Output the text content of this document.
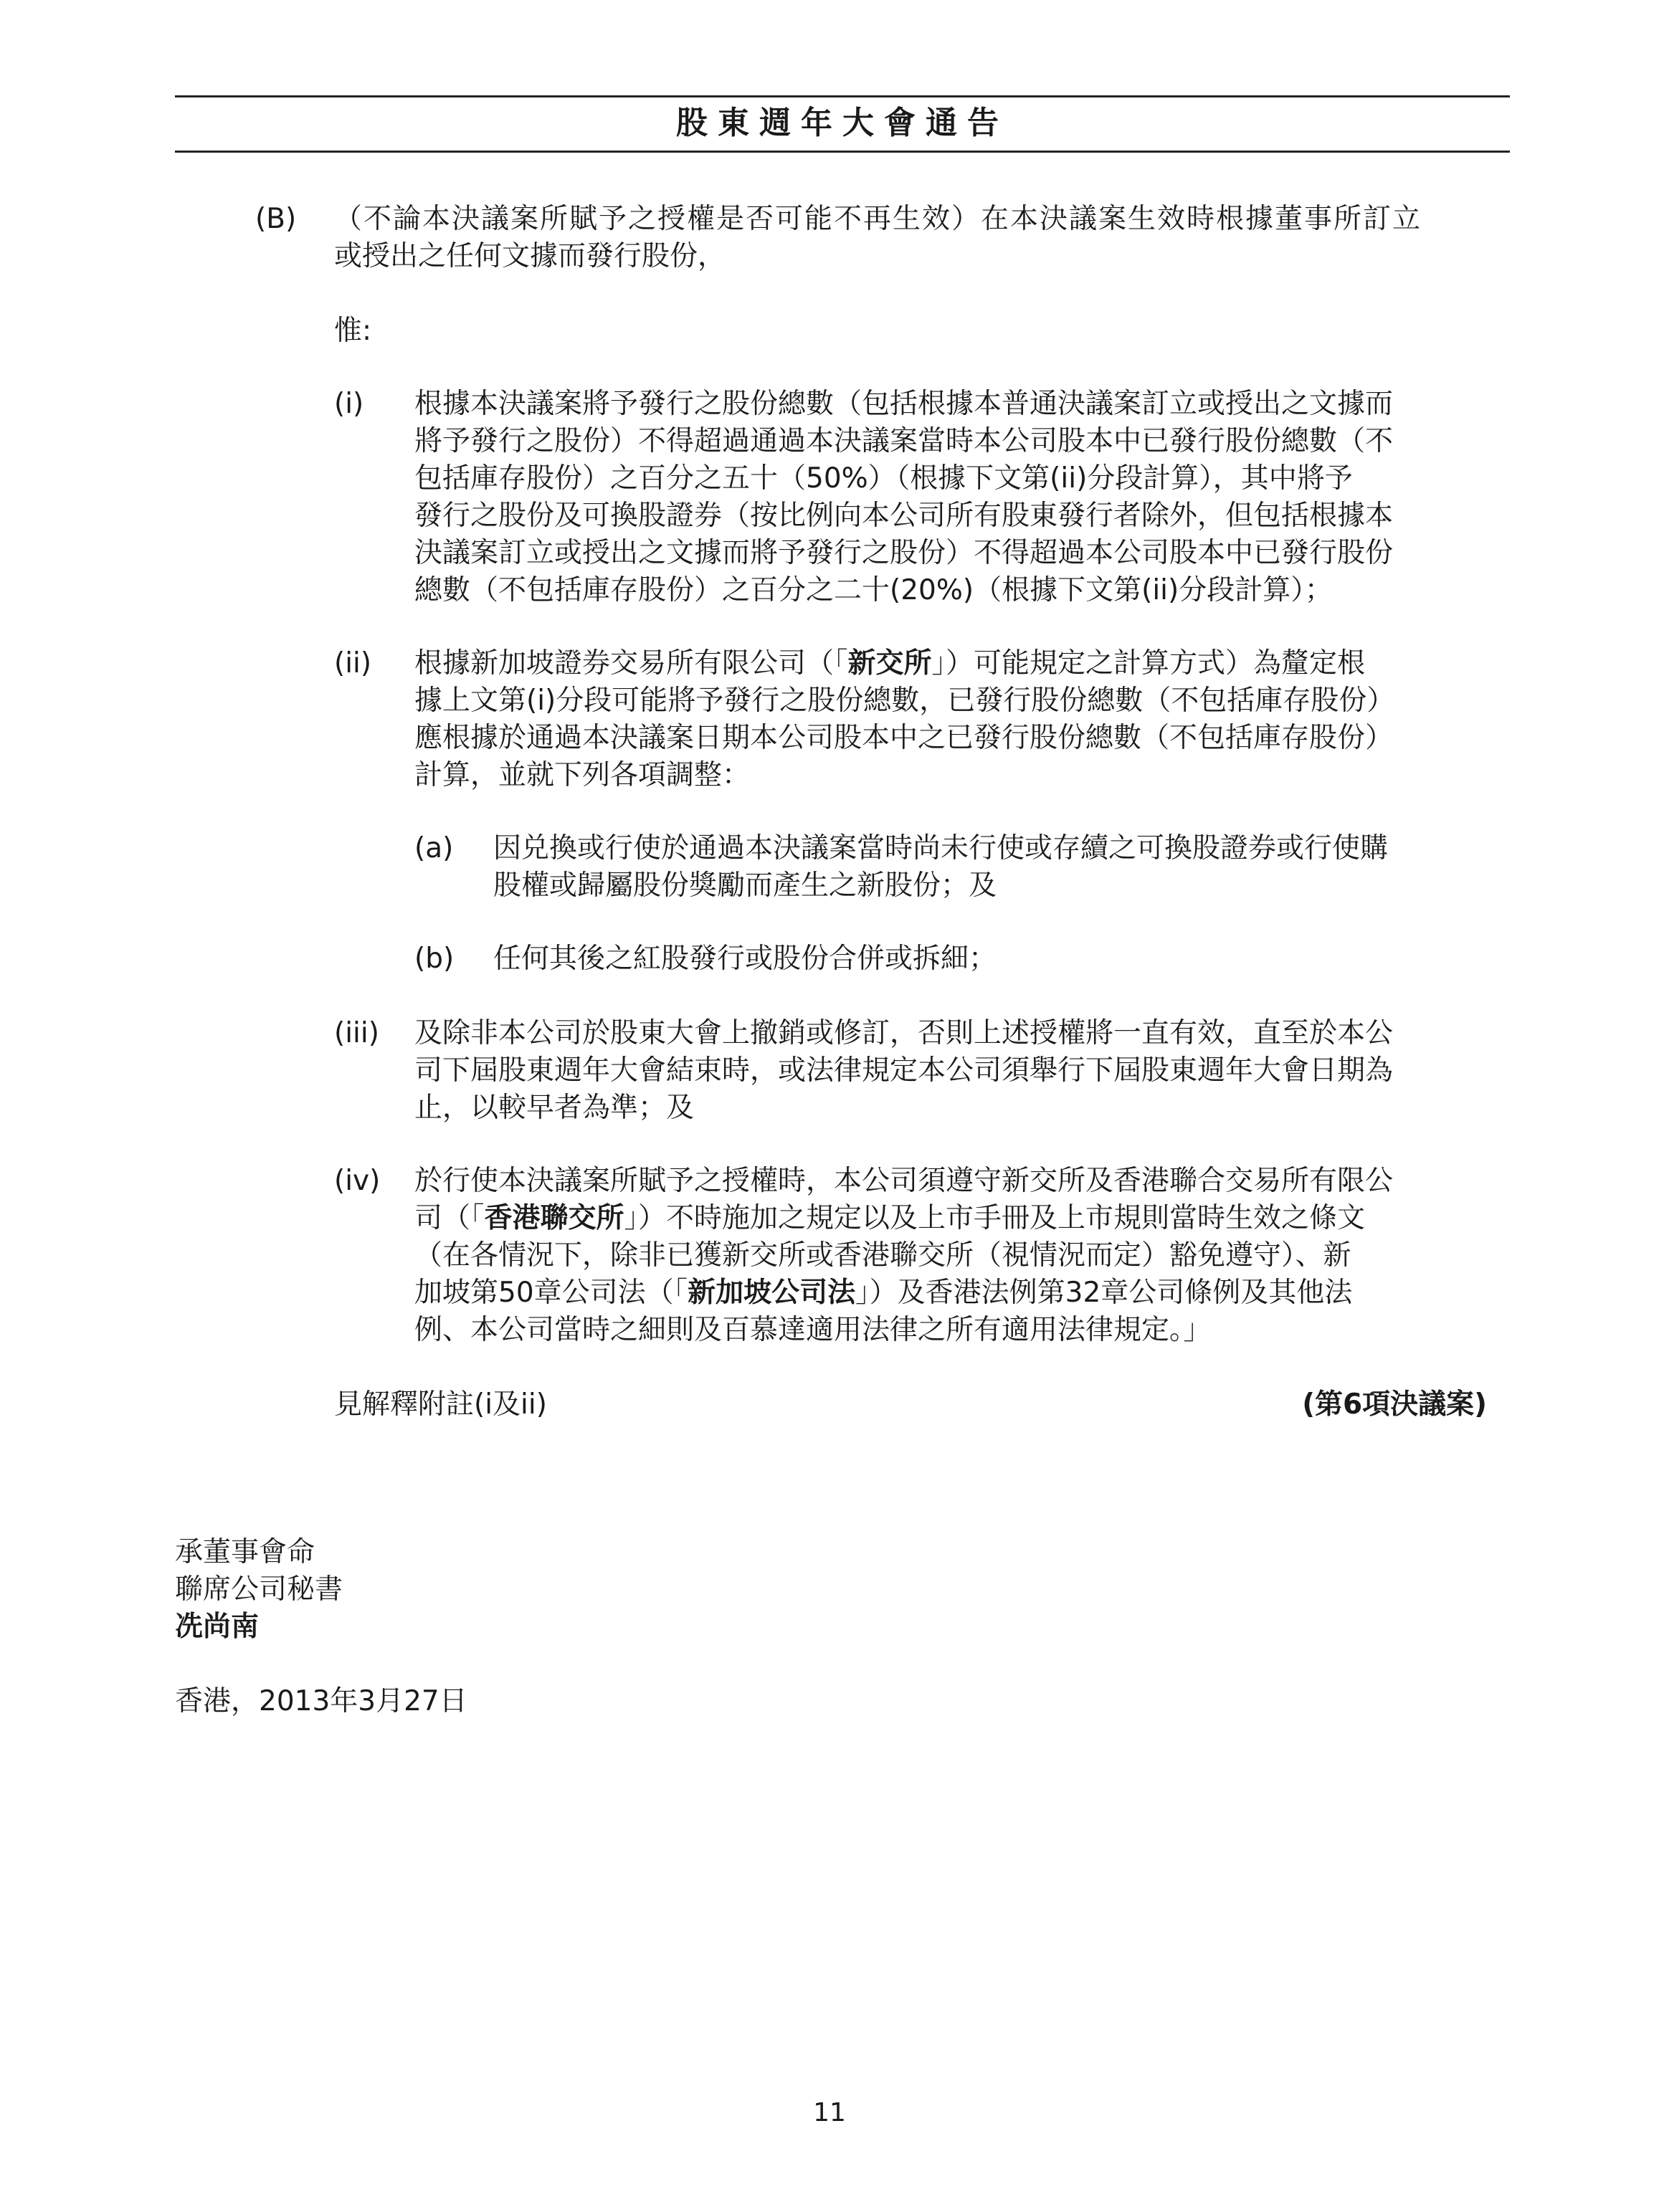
股東週年大會通告
(B) （不論本決議案所賦予之授權是否可能不再生效）在本決議案生效時根據董事所訂立
或授出之任何文據而發行股份，
惟:
(i) 根據本決議案將予發行之股份總數（包括根據本普通決議案訂立或授出之文據而
將予發行之股份）不得超過通過本決議案當時本公司股本中已發行股份總數（不
包括庫存股份）之百分之五十（50%）（根據下文第(ii)分段計算），其中將予
發行之股份及可換股證券（按比例向本公司所有股東發行者除外，但包括根據本
決議案訂立或授出之文據而將予發行之股份）不得超過本公司股本中已發行股份
總數（不包括庫存股份）之百分之二十(20%)（根據下文第(ii)分段計算）；
(ii) 根據新加坡證券交易所有限公司（「新交所」）可能規定之計算方式）為釐定根
據上文第(i)分段可能將予發行之股份總數，已發行股份總數（不包括庫存股份）
應根據於通過本決議案日期本公司股本中之已發行股份總數（不包括庫存股份）
計算，並就下列各項調整：
(a) 因兑換或行使於通過本決議案當時尚未行使或存續之可換股證券或行使購
股權或歸屬股份獎勵而產生之新股份；及
(b) 任何其後之紅股發行或股份合併或拆細；
(iii) 及除非本公司於股東大會上撤銷或修訂，否則上述授權將一直有效，直至於本公
司下屆股東週年大會結束時，或法律規定本公司須舉行下屆股東週年大會日期為
止，以較早者為準；及
(iv) 於行使本決議案所賦予之授權時，本公司須遵守新交所及香港聯合交易所有限公
司（「香港聯交所」）不時施加之規定以及上市手冊及上市規則當時生效之條文
（在各情況下，除非已獲新交所或香港聯交所（視情況而定）豁免遵守）、新
加坡第50章公司法（「新加坡公司法」）及香港法例第32章公司條例及其他法
例、本公司當時之細則及百慕達適用法律之所有適用法律規定。」
見解釋附註(i及ii)	(第6項決議案)
承董事會命
聯席公司秘書
冼尚南
香港，2013年3月27日
11
